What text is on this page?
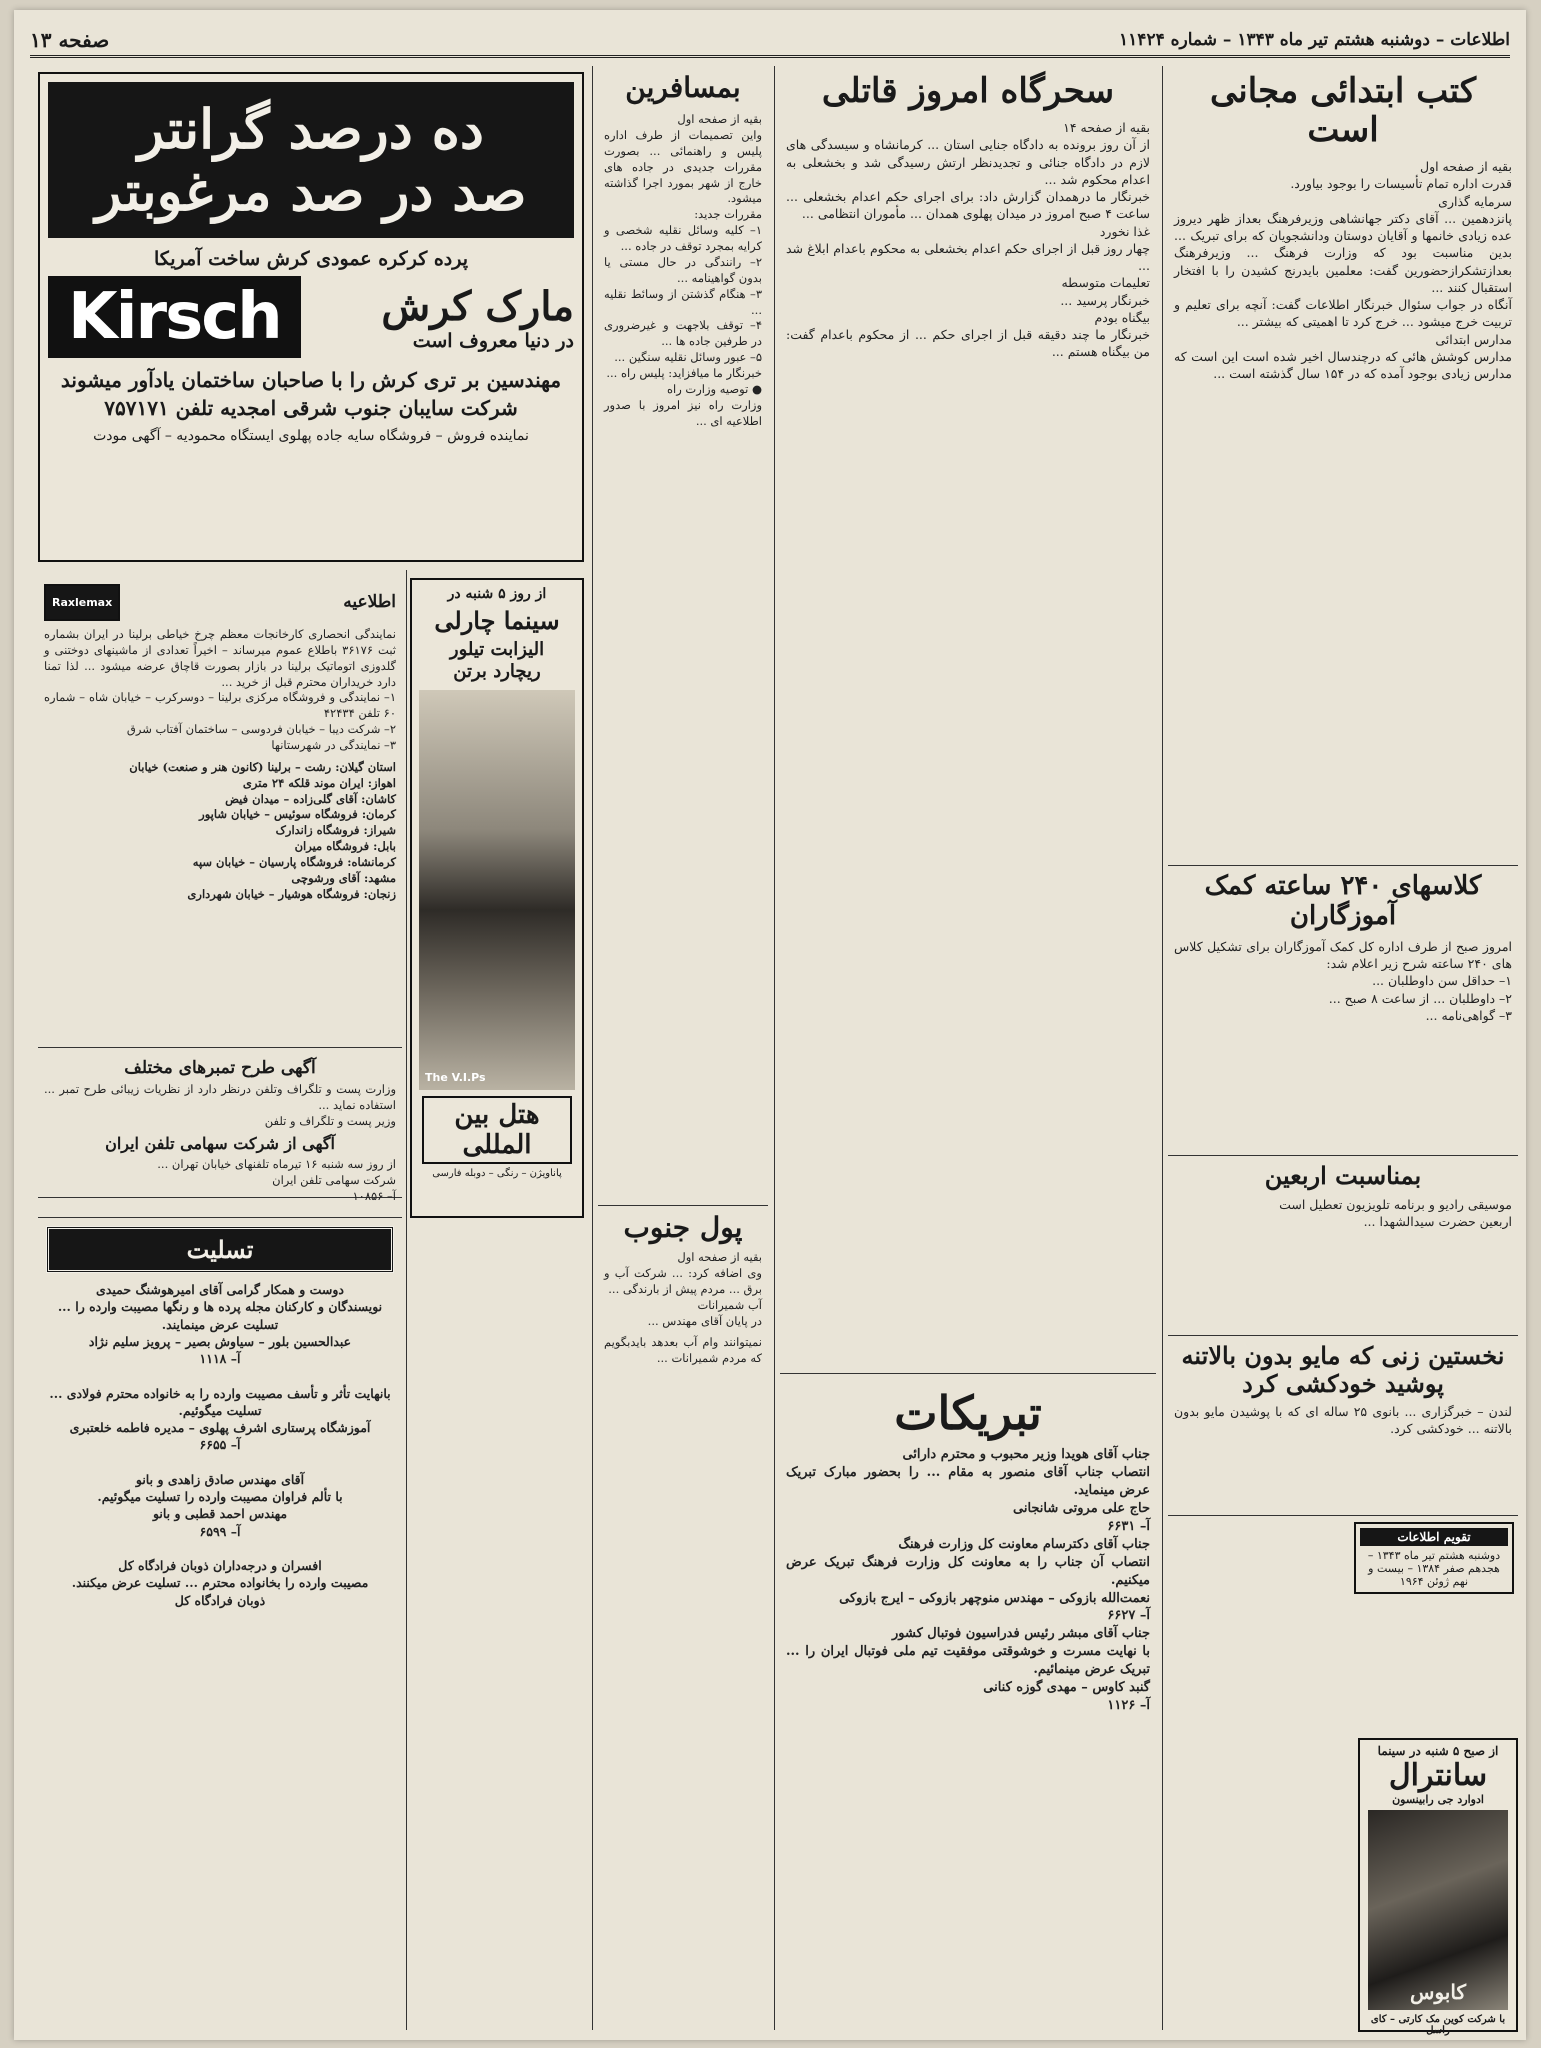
اطلاعات – دوشنبه هشتم تیر ماه ۱۳۴۳ – شماره ۱۱۴۲۴
صفحه ۱۳
کتب ابتدائی مجانی است
بقیه از صفحه اول
قدرت اداره تمام تأسیسات را بوجود بیاورد.
سرمایه گذاری
پانزدهمین ... آقای دکتر جهانشاهی وزیرفرهنگ بعداز ظهر دیروز عده زیادی خانمها و آقایان دوستان ودانشجویان که برای تبریک ... بدین مناسبت بود که وزارت فرهنگ ... وزیرفرهنگ بعدازتشکرازحضورین گفت: معلمین بایدرنج کشیدن را با افتخار استقبال کنند ...
آنگاه در جواب سئوال خبرنگار اطلاعات گفت: آنچه برای تعلیم و تربیت خرج میشود ... خرج کرد تا اهمیتی که بیشتر ...
مدارس ابتدائی
مدارس کوشش هائی که درچندسال اخیر شده است این است که مدارس زیادی بوجود آمده که در ۱۵۴ سال گذشته است ...
کلاسهای ۲۴۰ ساعته کمک آموزگاران
امروز صبح از طرف اداره کل کمک آموزگاران برای تشکیل کلاس های ۲۴۰ ساعته شرح زیر اعلام شد:
۱– حداقل سن داوطلبان ...
۲– داوطلبان ... از ساعت ۸ صبح ...
۳– گواهی‌نامه ...
بمناسبت اربعین
موسیقی رادیو و برنامه تلویزیون تعطیل است
اربعین حضرت سیدالشهدا ...
نخستین زنی که مایو بدون بالاتنه پوشید خودکشی کرد
لندن – خبرگزاری ... بانوی ۲۵ ساله ای که با پوشیدن مایو بدون بالاتنه ... خودکشی کرد.
تقویم اطلاعات
دوشنبه هشتم تیر ماه ۱۳۴۳ – هجدهم صفر ۱۳۸۴ – بیست و نهم ژوئن ۱۹۶۴
سحرگاه امروز قاتلی
بقیه از صفحه ۱۴
از آن روز برونده به دادگاه جنایی استان ... کرمانشاه و سیسدگی های لازم در دادگاه جنائی و تجدیدنظر ارتش رسیدگی شد و بخشعلی به اعدام محکوم شد ...
خبرنگار ما درهمدان گزارش داد: برای اجرای حکم اعدام بخشعلی ... ساعت ۴ صبح امروز در میدان پهلوی همدان ... مأموران انتظامی ...
غذا نخورد
چهار روز قبل از اجرای حکم اعدام بخشعلی به محکوم باعدام ابلاغ شد ...
تعلیمات متوسطه
خبرنگار پرسید ...
بیگناه بودم
خبرنگار ما چند دقیقه قبل از اجرای حکم ... از محکوم باعدام گفت: من بیگناه هستم ...
تبریکات
جناب آقای هویدا وزیر محبوب و محترم دارائی
انتصاب جناب آقای منصور به مقام ... را بحضور مبارک تبریک عرض مینماید.
حاج علی مروتی شانجانی
آ– ۶۶۳۱
جناب آقای دکترسام معاونت کل وزارت فرهنگ
انتصاب آن جناب را به معاونت کل وزارت فرهنگ تبریک عرض میکنیم.
نعمت‌الله بازوکی – مهندس منوچهر بازوکی – ایرج بازوکی
آ– ۶۶۲۷
جناب آقای مبشر رئیس فدراسیون فوتبال کشور
با نهایت مسرت و خوشوقتی موفقیت تیم ملی فوتبال ایران را ... تبریک عرض مینمائیم.
گنبد کاوس – مهدی گوزه کنانی
آ– ۱۱۲۶
بمسافرین
بقیه از صفحه اول
واین تصمیمات از طرف اداره پلیس و راهنمائی ... بصورت مقررات جدیدی در جاده های خارج از شهر بمورد اجرا گذاشته میشود.
مقررات جدید:
۱– کلیه وسائل نقلیه شخصی و کرایه بمجرد توقف در جاده ...
۲– رانندگی در حال مستی یا بدون گواهینامه ...
۳– هنگام گذشتن از وسائط نقلیه ...
۴– توقف بلاجهت و غیرضروری در طرفین جاده ها ...
۵– عبور وسائل نقلیه سنگین ...
خبرنگار ما میافزاید: پلیس راه ...
● توصیه وزارت راه
وزارت راه نیز امروز با صدور اطلاعیه ای ...
پول جنوب
بقیه از صفحه اول
وی اضافه کرد: ... شرکت آب و برق ... مردم پیش از بارندگی ...
آب شمیرانات
در پایان آقای مهندس ...
نمیتوانند وام آب بعدهد بایدبگویم که مردم شمیرانات ...
ده درصد گرانتر
صد در صد مرغوبتر
پرده کرکره عمودی کرش ساخت آمریکا
مارک کرش
در دنیا معروف است
Kirsch
مهندسین بر تری کرش را با صاحبان ساختمان یادآور میشوند
شرکت سایبان جنوب شرقی امجدیه تلفن ۷۵۷۱۷۱
نماینده فروش – فروشگاه سایه جاده پهلوی ایستگاه محمودیه – آگهی مودت
اطلاعیه
Raxlemax
نمایندگی انحصاری کارخانجات معظم چرخ خیاطی برلینا در ایران بشماره ثبت ۳۶۱۷۶ باطلاع عموم میرساند – اخیراً تعدادی از ماشینهای دوختنی و گلدوزی اتوماتیک برلینا در بازار بصورت قاچاق عرضه میشود ... لذا تمنا دارد خریداران محترم قبل از خرید ...
۱– نمایندگی و فروشگاه مرکزی برلینا – دوسرکرب – خیابان شاه – شماره ۶۰ تلفن ۴۲۴۳۴
۲– شرکت دیبا – خیابان فردوسی – ساختمان آفتاب شرق
۳– نمایندگی در شهرستانها
استان گیلان: رشت – برلینا (کانون هنر و صنعت) خیابان
اهواز: ایران موند قلکه ۲۴ متری
کاشان: آقای گلی‌زاده – میدان فیض
کرمان: فروشگاه سوئیس – خیابان شاپور
شیراز: فروشگاه زاندارک
بابل: فروشگاه میران
کرمانشاه: فروشگاه پارسیان – خیابان سپه
مشهد: آقای ورشوچی
زنجان: فروشگاه هوشیار – خیابان شهرداری
آگهی طرح تمبرهای مختلف
وزارت پست و تلگراف وتلفن درنظر دارد از نظریات زیبائی طرح تمبر ... استفاده نماید ...
وزیر پست و تلگراف و تلفن
آگهی از شرکت سهامی تلفن ایران
از روز سه شنبه ۱۶ تیرماه تلفنهای خیابان تهران ...
شرکت سهامی تلفن ایران
آ– ۱۰۸۵۶
از روز ۵ شنبه در
سینما چارلی
الیزابت تیلور
ریچارد برتن
The V.I.Ps
هتل بین المللی
پاناویژن – رنگی – دوبله فارسی
تسلیت
دوست و همکار گرامی آقای امیرهوشنگ حمیدی
نویسندگان و کارکنان مجله پرده ها و رنگها مصیبت وارده را ... تسلیت عرض مینمایند.
عبدالحسین بلور – سیاوش بصیر – پرویز سلیم نژاد
آ– ۱۱۱۸

بانهایت تأثر و تأسف مصیبت وارده را به خانواده محترم فولادی ... تسلیت میگوئیم.
آموزشگاه پرستاری اشرف پهلوی – مدیره فاطمه خلعتبری
آ– ۶۶۵۵

آقای مهندس صادق زاهدی و بانو
با تألم فراوان مصیبت وارده را تسلیت میگوئیم.
مهندس احمد قطبی و بانو
آ– ۶۵۹۹

افسران و درجه‌داران ذوبان فرادگاه کل
مصیبت وارده را بخانواده محترم ... تسلیت عرض میکنند.
ذوبان فرادگاه کل
از صبح ۵ شنبه در سینما
سانترال
ادوارد جی رابینسون
کابوس
با شرکت کوین مک کارتی – کای راسل
